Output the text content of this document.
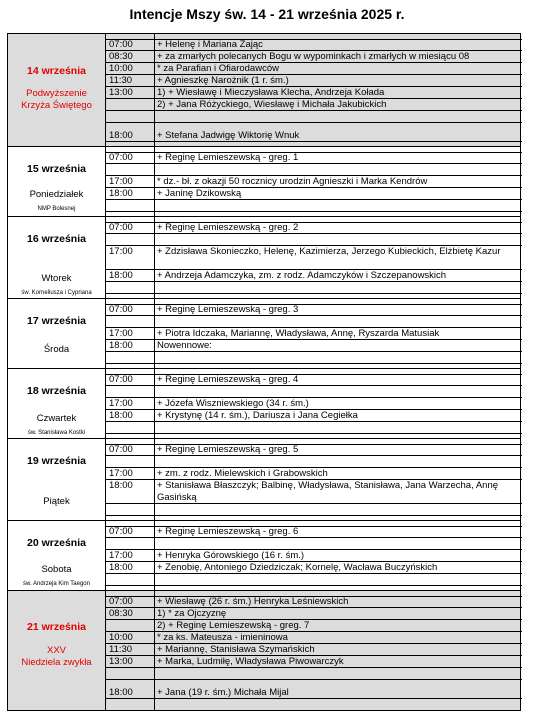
Intencje Mszy św. 14 - 21 września 2025 r.
14 września
Podwyższenie
Krzyża Świętego
07:00	+ Helenę i Mariana Zając
08:30	+ za zmarłych polecanych Bogu w wypominkach i zmarłych w miesiącu 08
10:00	* za Parafian i Ofiarodawców
11:30	+ Agnieszkę Narożnik (1 r. śm.)
13:00	1) + Wiesławę i Mieczysława Klecha, Andrzeja Kołada
2) + Jana Różyckiego, Wiesławę i Michała Jakubickich
18:00	+ Stefana Jadwigę Wiktorię Wnuk
15 września
Poniedziałek
NMP Bolesnej
07:00	+ Reginę Lemieszewską - greg. 1
17:00	* dz.- bł. z okazji 50 rocznicy urodzin Agnieszki i Marka Kendrów
18:00	+ Janinę Dzikowską
16 września
Wtorek
św. Korneliusza i Cypriana
07:00	+ Reginę Lemieszewską - greg. 2
17:00	+ Zdzisława Skonieczko, Helenę, Kazimierza, Jerzego Kubieckich, Elżbietę Kazur
18:00	+ Andrzeja Adamczyka, zm. z rodz. Adamczyków i Szczepanowskich
17 września
Środa
07:00	+ Reginę Lemieszewską - greg. 3
17:00	+ Piotra Idczaka, Mariannę, Władysława, Annę, Ryszarda Matusiak
18:00	Nowennowe:
18 września
Czwartek
św. Stanisława Kostki
07:00	+ Reginę Lemieszewską - greg. 4
17:00	+ Józefa Wiszniewskiego (34 r. śm.)
18:00	+ Krystynę (14 r. śm.), Dariusza i Jana Cegiełka
19 września
Piątek
07:00	+ Reginę Lemieszewską - greg. 5
17:00	+ zm. z rodz. Mielewskich i Grabowskich
18:00	+ Stanisława Błaszczyk; Balbinę, Władysława, Stanisława, Jana Warzecha, Annę Gasińską
20 września
Sobota
św. Andrzeja Kim Taegon
07:00	+ Reginę Lemieszewską - greg. 6
17:00	+ Henryka Górowskiego (16 r. śm.)
18:00	+ Zenobię, Antoniego Dziedziczak; Kornelę, Wacława Buczyńskich
21 września
XXV
Niedziela zwykła
07:00	+ Wiesławę (26 r. śm.) Henryka Leśniewskich
08:30	1) * za Ojczyznę
2) + Reginę Lemieszewską - greg. 7
10:00	* za ks. Mateusza - imieninowa
11:30	+ Mariannę, Stanisława Szymańskich
13:00	+ Marka, Ludmiłę, Władysława Piwowarczyk
18:00	+ Jana (19 r. śm.) Michała Mijal
